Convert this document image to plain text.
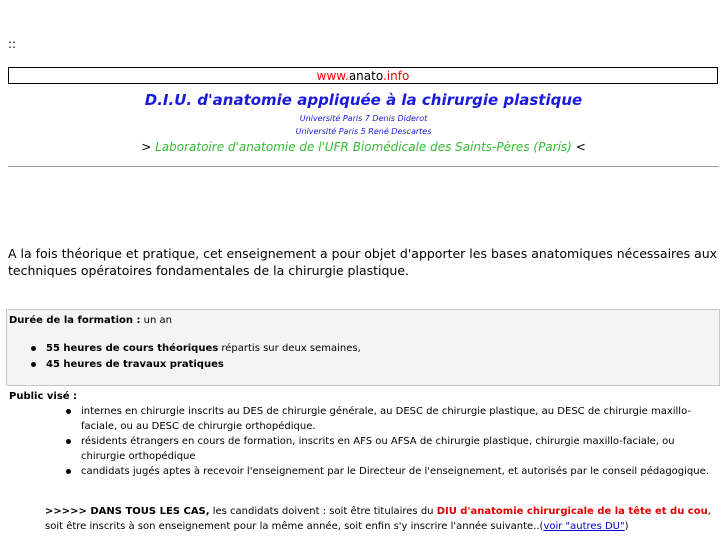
::
www.anato.info
D.I.U. d'anatomie appliquée à la chirurgie plastique
Université Paris 7 Denis Diderot
Université Paris 5 René Descartes
> Laboratoire d'anatomie de l'UFR Biomédicale des Saints-Pères (Paris) <
A la fois théorique et pratique, cet enseignement a pour objet d'apporter les bases anatomiques nécessaires aux techniques opératoires fondamentales de la chirurgie plastique.
Durée de la formation : un an
55 heures de cours théoriques répartis sur deux semaines,
45 heures de travaux pratiques
Public visé :
internes en chirurgie inscrits au DES de chirurgie générale, au DESC de chirurgie plastique, au DESC de chirurgie maxillo-faciale, ou au DESC de chirurgie orthopédique.
résidents étrangers en cours de formation, inscrits en AFS ou AFSA de chirurgie plastique, chirurgie maxillo-faciale, ou chirurgie orthopédique
candidats jugés aptes à recevoir l'enseignement par le Directeur de l'enseignement, et autorisés par le conseil pédagogique.
>>>>> DANS TOUS LES CAS, les candidats doivent : soit être titulaires du DIU d'anatomie chirurgicale de la tête et du cou, soit être inscrits à son enseignement pour la même année, soit enfin s'y inscrire l'année suivante..(voir "autres DU")
